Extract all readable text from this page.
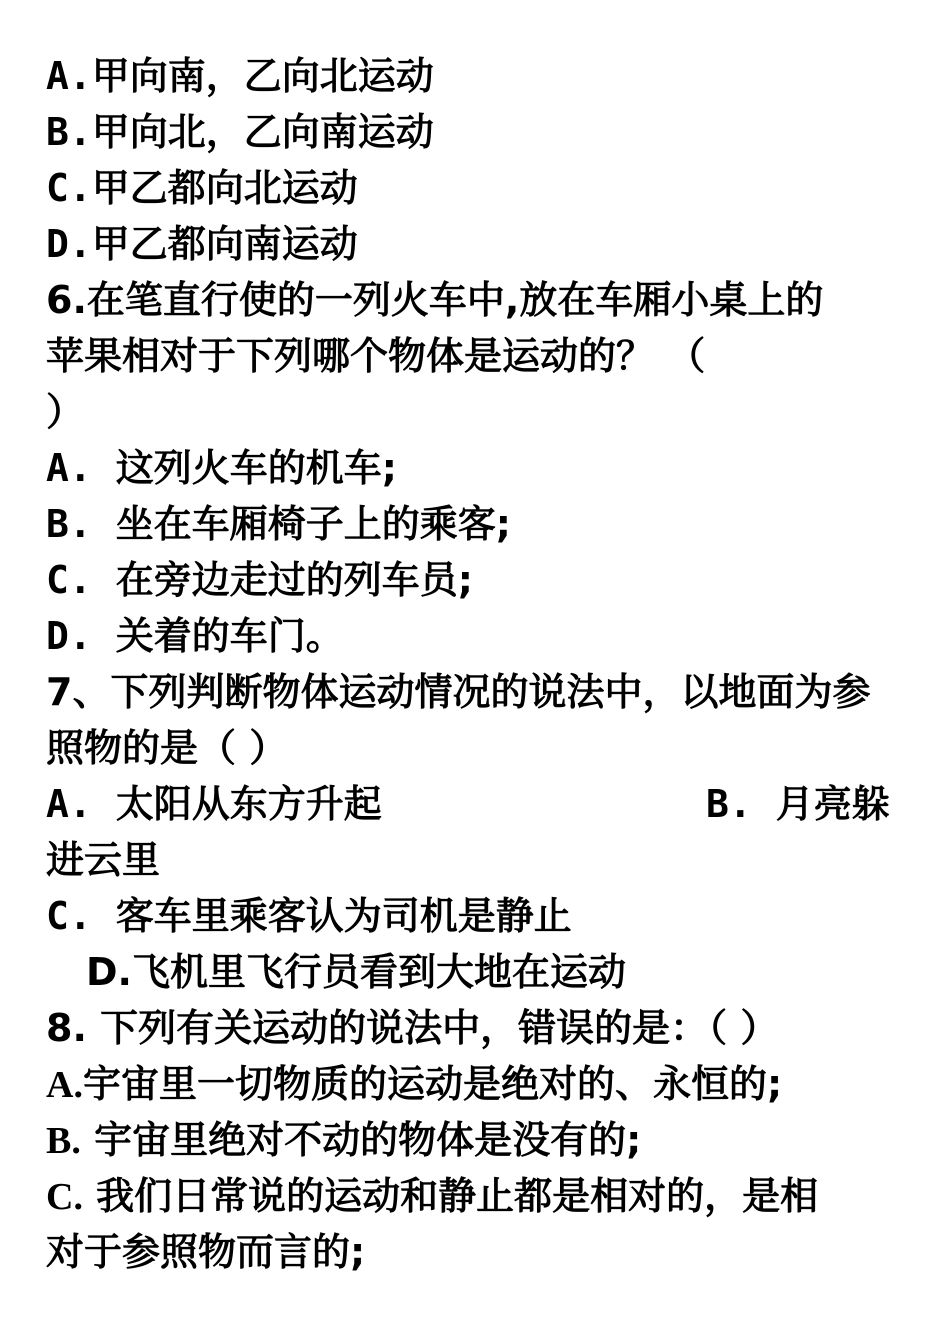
A.甲向南，乙向北运动
B.甲向北，乙向南运动
C.甲乙都向北运动
D.甲乙都向南运动
6.在笔直行使的一列火车中,放在车厢小桌上的
苹果相对于下列哪个物体是运动的？ （
）
A. 这列火车的机车;
B. 坐在车厢椅子上的乘客;
C. 在旁边走过的列车员;
D. 关着的车门。
7、下列判断物体运动情况的说法中，以地面为参
照物的是（ ）
A. 太阳从东方升起	B. 月亮躲
进云里
C. 客车里乘客认为司机是静止
D.飞机里飞行员看到大地在运动
8. 下列有关运动的说法中，错误的是：（ ）
A.宇宙里一切物质的运动是绝对的、永恒的;
B. 宇宙里绝对不动的物体是没有的;
C. 我们日常说的运动和静止都是相对的，是相
对于参照物而言的;
